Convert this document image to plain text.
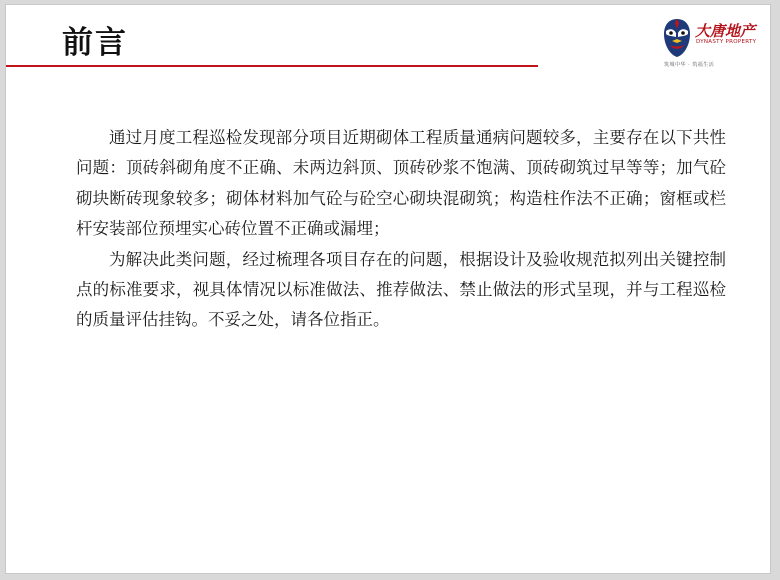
前言	大唐地产
DYNASTY PROPERTY
筑城中华 · 筑福生活

通过月度工程巡检发现部分项目近期砌体工程质量通病问题较多，主要存在以下共性问题：顶砖斜砌角度不正确、未两边斜顶、顶砖砂浆不饱满、顶砖砌筑过早等等；加气砼砌块断砖现象较多；砌体材料加气砼与砼空心砌块混砌筑；构造柱作法不正确；窗框或栏杆安装部位预埋实心砖位置不正确或漏埋；

为解决此类问题，经过梳理各项目存在的问题，根据设计及验收规范拟列出关键控制点的标准要求，视具体情况以标准做法、推荐做法、禁止做法的形式呈现，并与工程巡检的质量评估挂钩。不妥之处，请各位指正。
